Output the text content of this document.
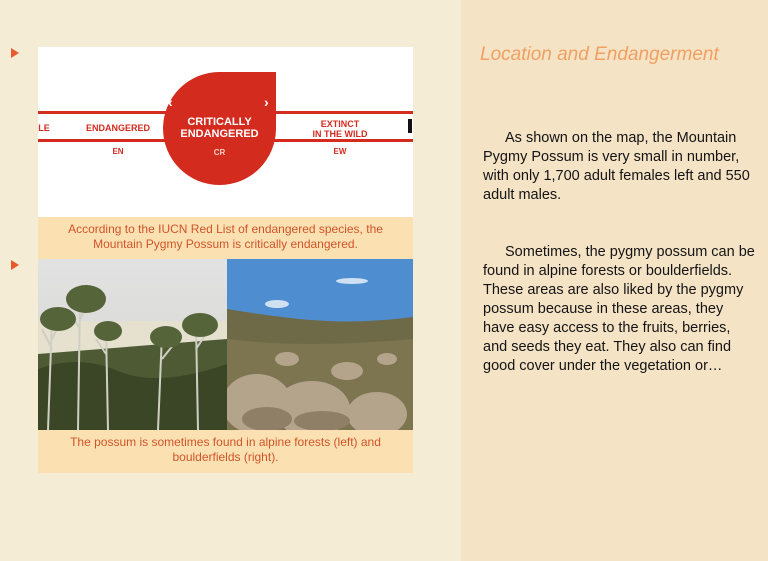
LE	ENDANGERED
EN
CRITICALLY
ENDANGERED
CR
‹	›
EXTINCT
IN THE WILD
EW
According to the IUCN Red List of endangered species, the Mountain Pygmy Possum is critically endangered.
The possum is sometimes found in alpine forests (left) and boulderfields (right).
Location and Endangerment

As shown on the map, the Mountain Pygmy Possum is very small in number, with only 1,700 adult females left and 550 adult males.

Sometimes, the pygmy possum can be found in alpine forests or boulderfields. These areas are also liked by the pygmy possum because in these areas, they have easy access to the fruits, berries, and seeds they eat. They also can find good cover under the vegetation or…
